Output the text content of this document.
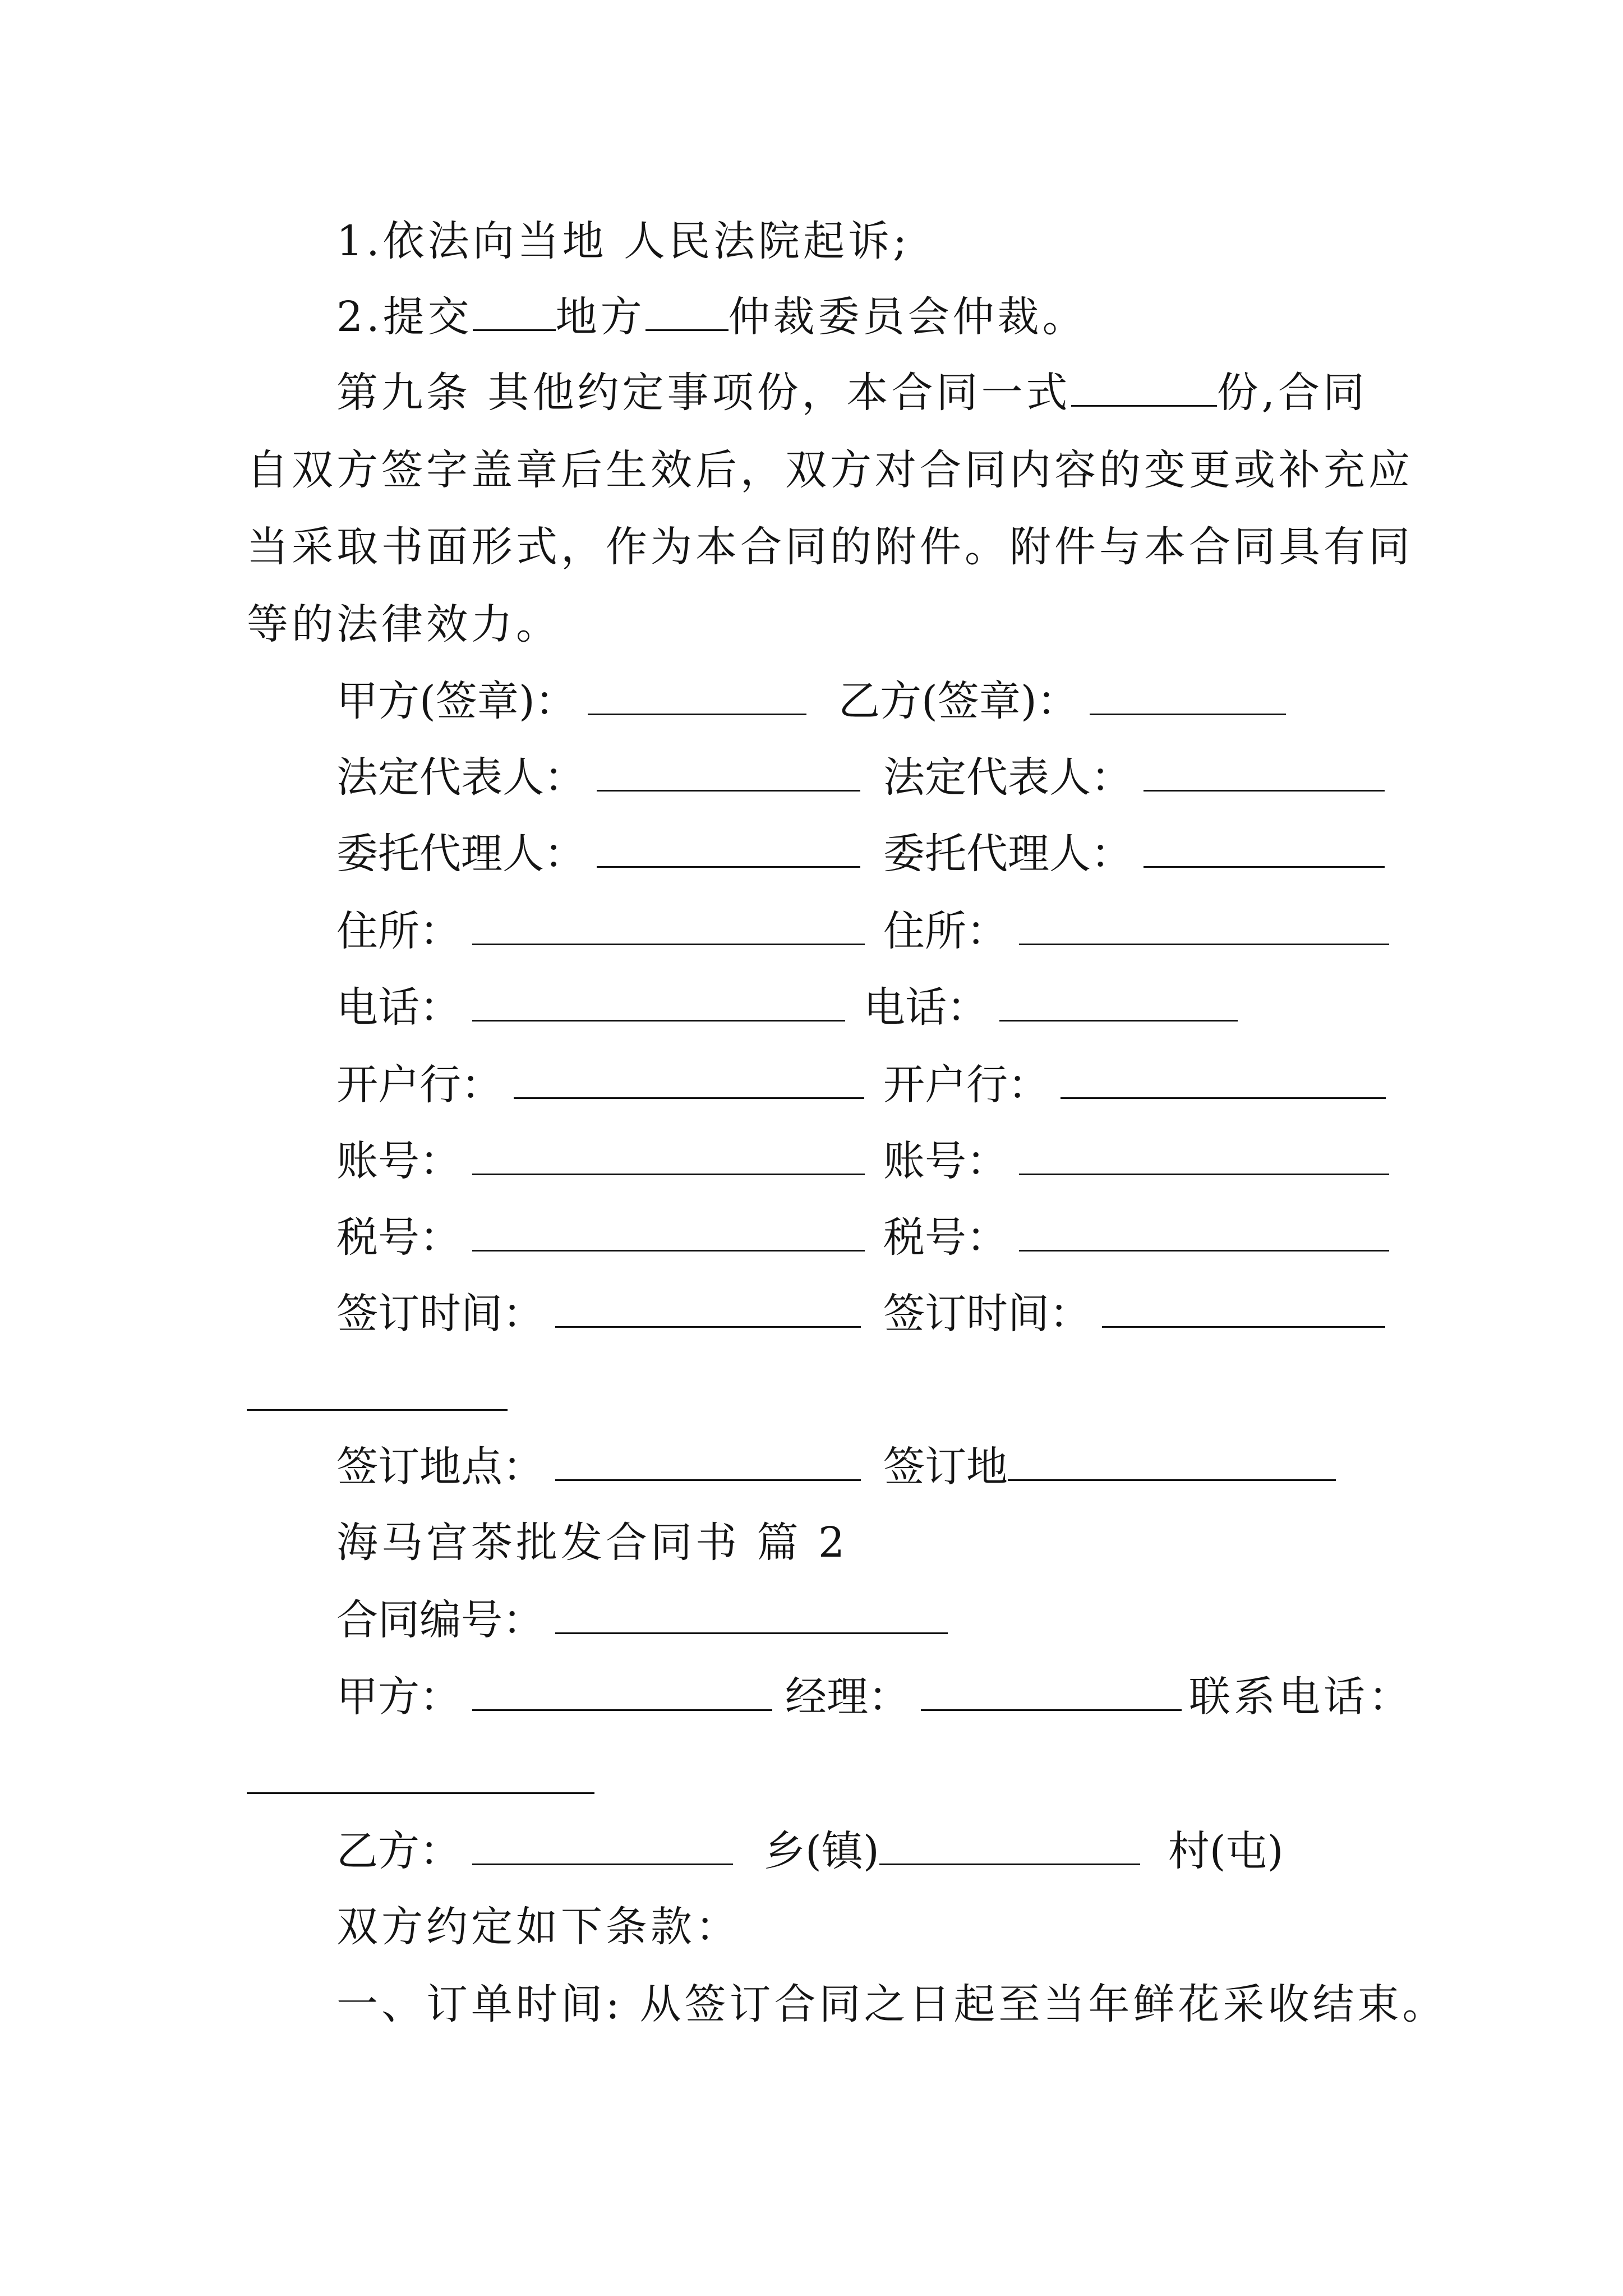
1.依法向当地 人民法院起诉;
2.提交 地方 仲裁委员会仲裁。
第九条 其他约定事项份，本合同一式	份,合同
自双方签字盖章后生效后，双方对合同内容的变更或补充应
当采取书面形式，作为本合同的附件。附件与本合同具有同
等的法律效力。
甲方(签章)：	乙方(签章)：
法定代表人：	法定代表人：
委托代理人：	委托代理人：
住所：	住所：
电话：	电话：
开户行：	开户行：
账号：	账号：
税号：	税号：
签订时间：	签订时间：
签订地点：	签订地
海马宫茶批发合同书 篇 2
合同编号：
甲方：	经理：	联系电话：
乙方：	乡(镇)	村(屯)
双方约定如下条款：
一、订单时间: 从签订合同之日起至当年鲜花采收结束。
